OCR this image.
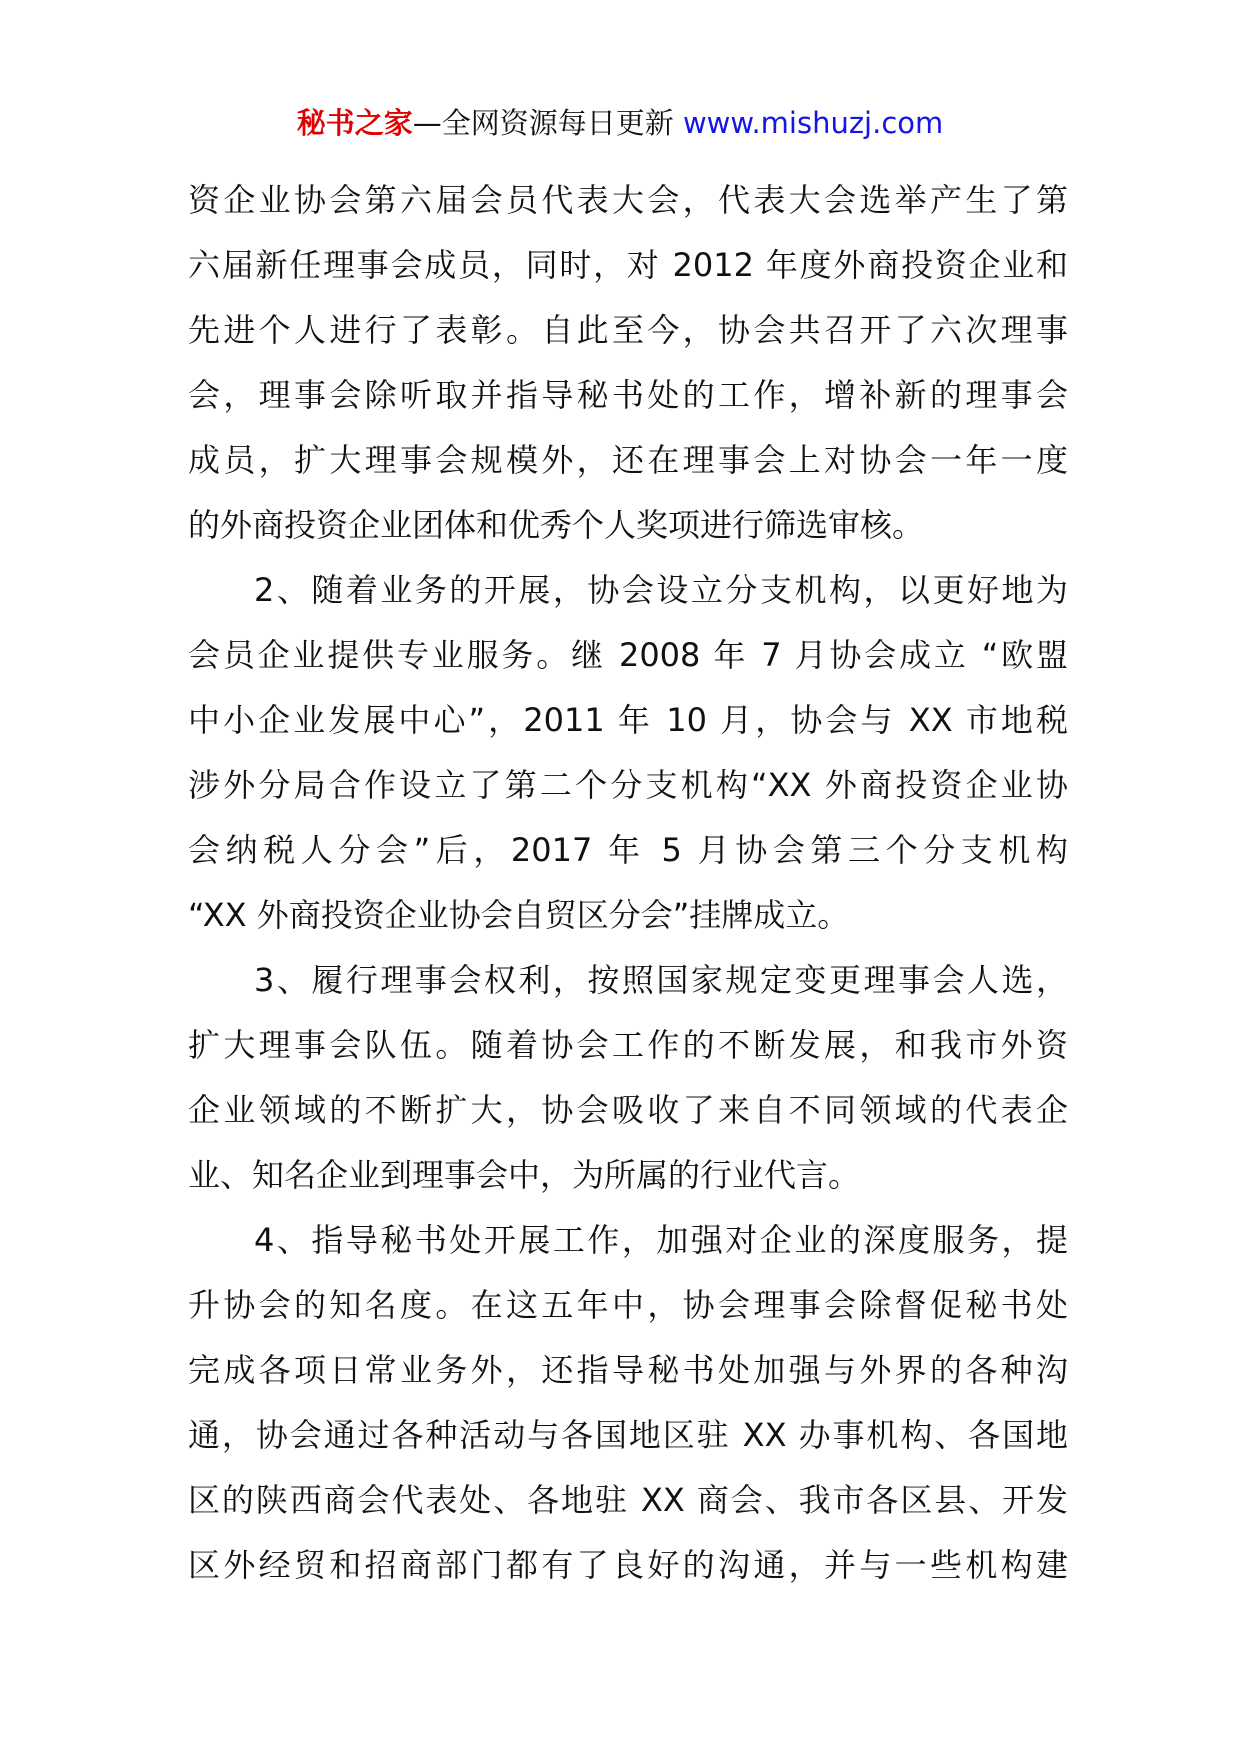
秘书之家—全网资源每日更新 www.mishuzj.com
资企业协会第六届会员代表大会，代表大会选举产生了第
六届新任理事会成员，同时，对 2012 年度外商投资企业和
先进个人进行了表彰。自此至今，协会共召开了六次理事
会，理事会除听取并指导秘书处的工作，增补新的理事会
成员，扩大理事会规模外，还在理事会上对协会一年一度
的外商投资企业团体和优秀个人奖项进行筛选审核。
2、随着业务的开展，协会设立分支机构，以更好地为
会员企业提供专业服务。继 2008 年 7 月协会成立 “欧盟
中小企业发展中心”，2011 年 10 月，协会与 XX 市地税
涉外分局合作设立了第二个分支机构“XX 外商投资企业协
会纳税人分会”后，2017 年 5 月协会第三个分支机构
“XX 外商投资企业协会自贸区分会”挂牌成立。
3、履行理事会权利，按照国家规定变更理事会人选，
扩大理事会队伍。随着协会工作的不断发展，和我市外资
企业领域的不断扩大，协会吸收了来自不同领域的代表企
业、知名企业到理事会中，为所属的行业代言。
4、指导秘书处开展工作，加强对企业的深度服务，提
升协会的知名度。在这五年中，协会理事会除督促秘书处
完成各项日常业务外，还指导秘书处加强与外界的各种沟
通，协会通过各种活动与各国地区驻 XX 办事机构、各国地
区的陕西商会代表处、各地驻 XX 商会、我市各区县、开发
区外经贸和招商部门都有了良好的沟通，并与一些机构建
